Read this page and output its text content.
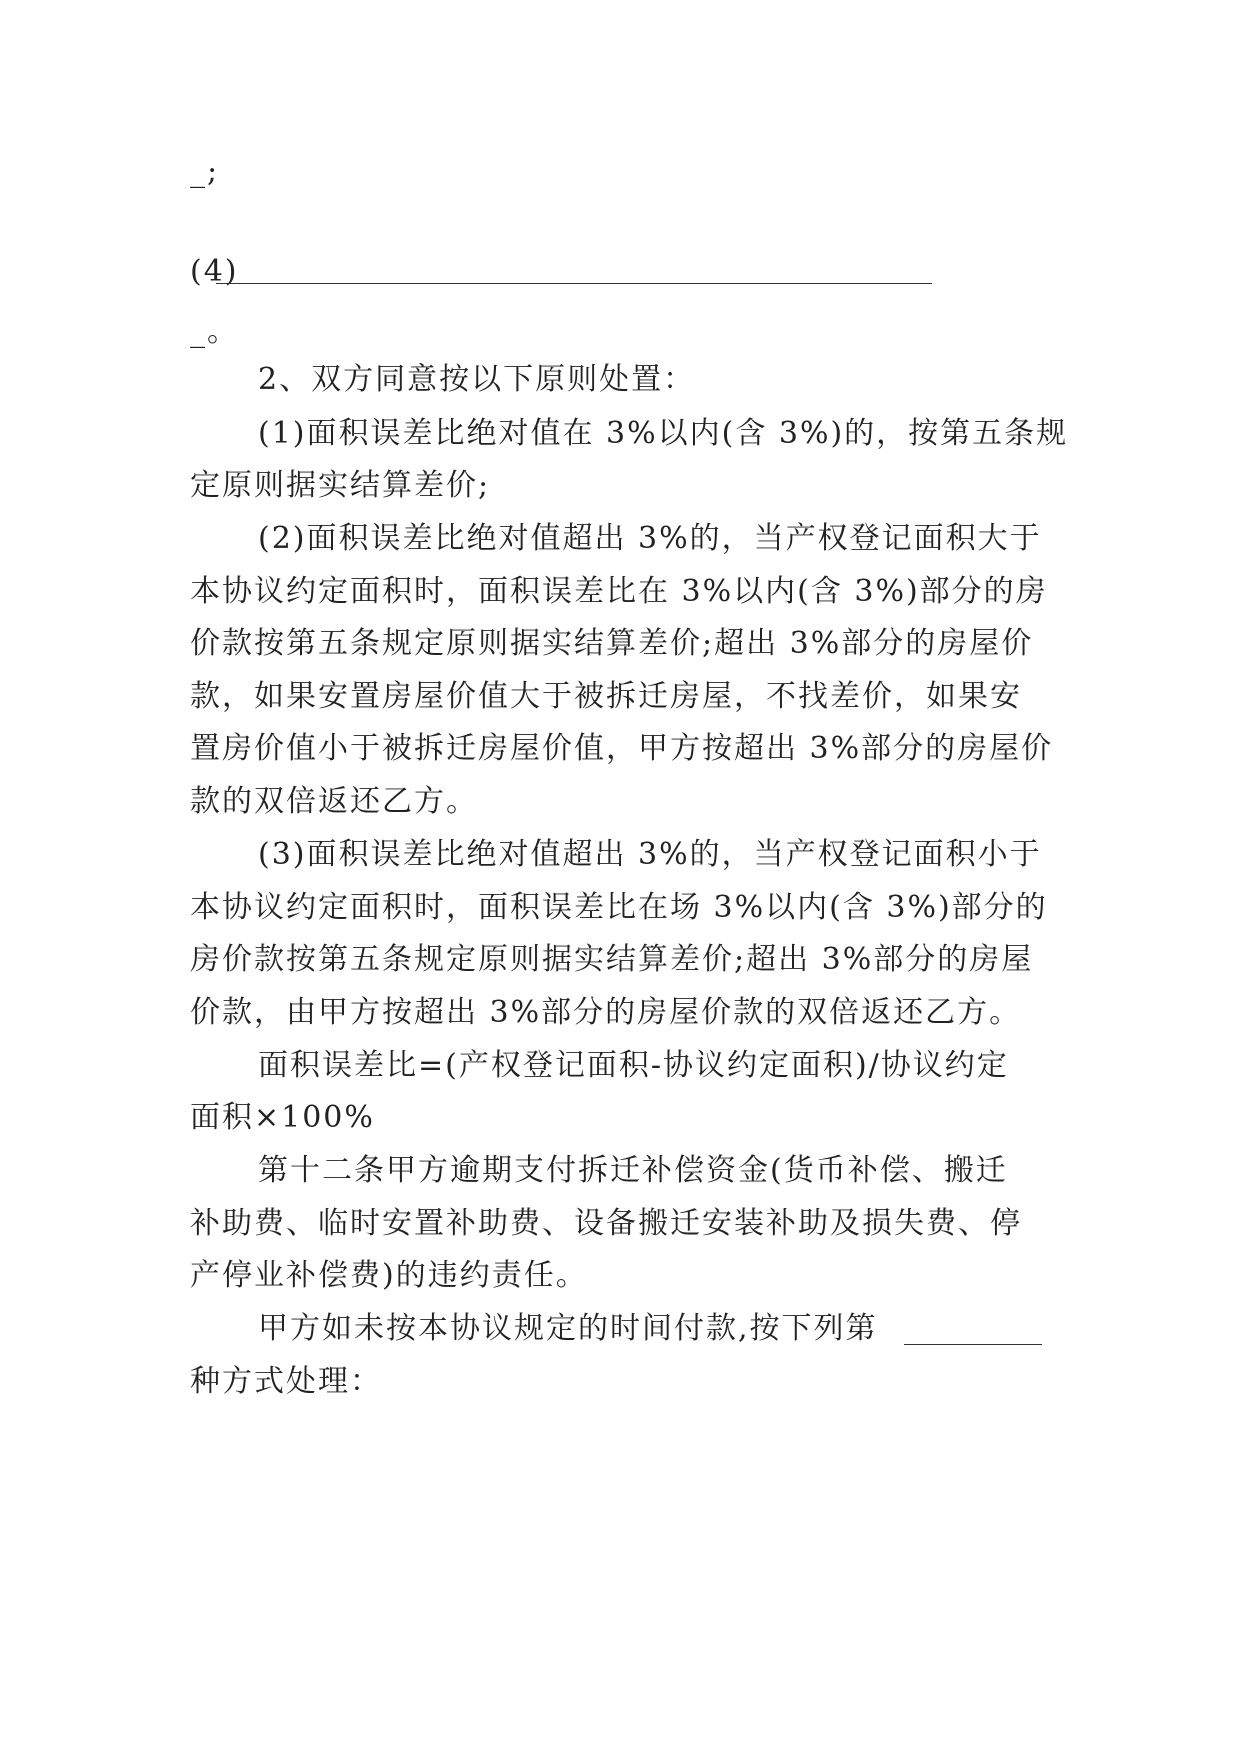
_;
(4)
_。
2、双方同意按以下原则处置：
(1)面积误差比绝对值在 3%以内(含 3%)的，按第五条规
定原则据实结算差价;
(2)面积误差比绝对值超出 3%的，当产权登记面积大于
本协议约定面积时，面积误差比在 3%以内(含 3%)部分的房
价款按第五条规定原则据实结算差价;超出 3%部分的房屋价
款，如果安置房屋价值大于被拆迁房屋，不找差价，如果安
置房价值小于被拆迁房屋价值，甲方按超出 3%部分的房屋价
款的双倍返还乙方。
(3)面积误差比绝对值超出 3%的，当产权登记面积小于
本协议约定面积时，面积误差比在场 3%以内(含 3%)部分的
房价款按第五条规定原则据实结算差价;超出 3%部分的房屋
价款，由甲方按超出 3%部分的房屋价款的双倍返还乙方。
面积误差比=(产权登记面积-协议约定面积)/协议约定
面积×100%
第十二条甲方逾期支付拆迁补偿资金(货币补偿、搬迁
补助费、临时安置补助费、设备搬迁安装补助及损失费、停
产停业补偿费)的违约责任。
甲方如未按本协议规定的时间付款,按下列第
种方式处理：
